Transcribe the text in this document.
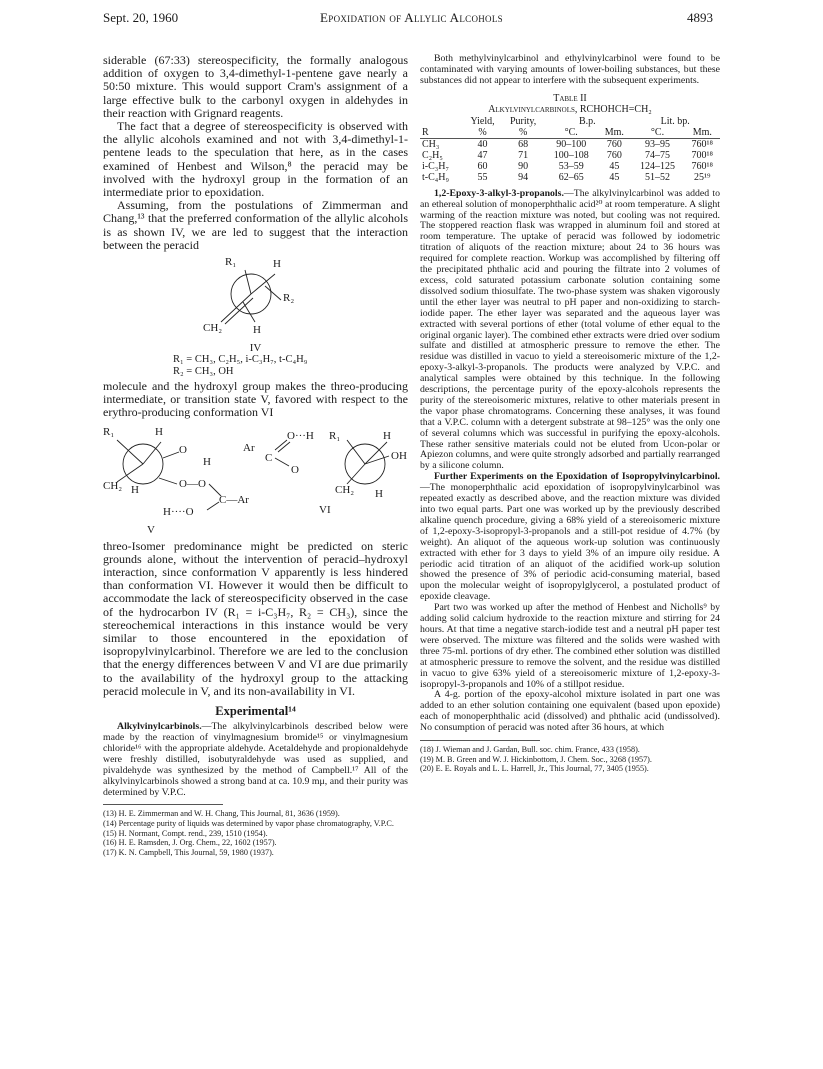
Sept. 20, 1960	Epoxidation of Allylic Alcohols	4893

siderable (67:33) stereospecificity, the formally analogous addition of oxygen to 3,4-dimethyl-1-pentene gave nearly a 50:50 mixture. This would support Cram's assignment of a large effective bulk to the carbonyl oxygen in aldehydes in their reaction with Grignard reagents.

The fact that a degree of stereospecificity is observed with the allylic alcohols examined and not with 3,4-dimethyl-1-pentene leads to the speculation that here, as in the cases examined of Henbest and Wilson,⁸ the peracid may be involved with the hydroxyl group in the formation of an intermediate prior to epoxidation.

Assuming, from the postulations of Zimmerman and Chang,¹³ that the preferred conformation of the allylic alcohols is as shown IV, we are led to suggest that the interaction between the peracid

R₁	H
R₂
CH₂	H
IV
R₁ = CH₃, C₂H₅, i-C₃H₇, t-C₄H₉
R₂ = CH₃, OH

molecule and the hydroxyl group makes the threo-producing intermediate, or transition state V, favored with respect to the erythro-producing conformation VI

R₁	H
O
H
CH₂ H	O—O
C—Ar
H····O
V
Ar
C
O···H R₁	H
OH
O
CH₂ H
VI

threo-Isomer predominance might be predicted on steric grounds alone, without the intervention of peracid–hydroxyl interaction, since conformation V apparently is less hindered than conformation VI. However it would then be difficult to accommodate the lack of stereospecificity observed in the case of the hydrocarbon IV (R₁ = i-C₃H₇, R₂ = CH₃), since the stereochemical interactions in this instance would be very similar to those encountered in the epoxidation of isopropylvinylcarbinol. Therefore we are led to the conclusion that the energy differences between V and VI are due primarily to the availability of the hydroxyl group to the attacking peracid molecule in V, and its non-availability in VI.

Experimental¹⁴

Alkylvinylcarbinols.—The alkylvinylcarbinols described below were made by the reaction of vinylmagnesium bromide¹⁵ or vinylmagnesium chloride¹⁶ with the appropriate aldehyde. Acetaldehyde and propionaldehyde were freshly distilled, isobutyraldehyde was used as supplied, and pivaldehyde was synthesized by the method of Campbell.¹⁷ All of the alkylvinylcarbinols showed a strong band at ca. 10.9 mμ, and their purity was determined by V.P.C.

(13) H. E. Zimmerman and W. H. Chang, This Journal, 81, 3636 (1959).

(14) Percentage purity of liquids was determined by vapor phase chromatography, V.P.C.

(15) H. Normant, Compt. rend., 239, 1510 (1954).

(16) H. E. Ramsden, J. Org. Chem., 22, 1602 (1957).

(17) K. N. Campbell, This Journal, 59, 1980 (1937).

Both methylvinylcarbinol and ethylvinylcarbinol were found to be contaminated with varying amounts of lower-boiling substances, but these substances did not appear to interfere with the subsequent experiments.

Table II
Alkylvinylcarbinols, RCHOHCH=CH₂
	Yield,	Purity,	B.p.		Lit. bp.	
R	%	%	°C.	Mm.	°C.	Mm.
CH₃	40	68	90–100	760	93–95	760¹⁸
C₂H₅	47	71	100–108	760	74–75	700¹⁸
i-C₃H₇	60	90	53–59	45	124–125	760¹⁸
t-C₄H₉	55	94	62–65	45	51–52	25¹⁹

1,2-Epoxy-3-alkyl-3-propanols.—The alkylvinylcarbinol was added to an ethereal solution of monoperphthalic acid²⁰ at room temperature. A slight warming of the reaction mixture was noted, but cooling was not required. The stoppered reaction flask was wrapped in aluminum foil and stored at room temperature. The uptake of peracid was followed by iodometric titration of aliquots of the reaction mixture; about 24 to 36 hours was required for complete reaction. Workup was accomplished by filtering off the precipitated phthalic acid and pouring the filtrate into 2 volumes of excess, cold saturated potassium carbonate solution containing some dissolved sodium thiosulfate. The two-phase system was shaken vigorously until the ether layer was neutral to pH paper and non-oxidizing to starch-iodide paper. The ether layer was separated and the aqueous layer was extracted with several portions of ether (total volume of ether equal to the original organic layer). The combined ether extracts were dried over sodium sulfate and distilled at atmospheric pressure to remove the ether. The residue was distilled in vacuo to yield a stereoisomeric mixture of the 1,2-epoxy-3-alkyl-3-propanols. The products were analyzed by V.P.C. and analytical samples were obtained by this technique. In the following descriptions, the percentage purity of the epoxy-alcohols represents the purity of the stereoisomeric mixtures, relative to other materials present in the vapor phase chromatograms. Concerning these analyses, it was found that a V.P.C. column with a detergent substrate at 98–125° was the only one of several columns which was successful in purifying the epoxy-alcohols. These rather sensitive materials could not be eluted from Ucon-polar or Apiezon columns, and were quite strongly adsorbed and partially rearranged by a silicone column.

Further Experiments on the Epoxidation of Isopropylvinylcarbinol.—The monoperphthalic acid epoxidation of isopropylvinylcarbinol was repeated exactly as described above, and the reaction mixture was divided into two equal parts. Part one was worked up by the previously described alkaline quench procedure, giving a 68% yield of a stereoisomeric mixture of 1,2-epoxy-3-isopropyl-3-propanols and a still-pot residue of 4.7% (by weight). An aliquot of the aqueous work-up solution was continuously extracted with ether for 3 days to yield 3% of an impure oily residue. A periodic acid titration of an aliquot of the acidified work-up solution showed the presence of 3% of periodic acid-consuming material, based upon the molecular weight of isopropylglycerol, a postulated product of epoxide cleavage.

Part two was worked up after the method of Henbest and Nicholls⁹ by adding solid calcium hydroxide to the reaction mixture and stirring for 24 hours. At that time a negative starch-iodide test and a neutral pH paper test were observed. The mixture was filtered and the solids were washed with three 75-ml. portions of dry ether. The combined ether solution was distilled at atmospheric pressure to remove the solvent, and the residue was distilled in vacuo to give 63% yield of a stereoisomeric mixture of 1,2-epoxy-3-isopropyl-3-propanols and 10% of a stillpot residue.

A 4-g. portion of the epoxy-alcohol mixture isolated in part one was added to an ether solution containing one equivalent (based upon epoxide) each of monoperphthalic acid (dissolved) and phthalic acid (undissolved). No consumption of peracid was noted after 36 hours, at which

(18) J. Wieman and J. Gardan, Bull. soc. chim. France, 433 (1958).

(19) M. B. Green and W. J. Hickinbottom, J. Chem. Soc., 3268 (1957).

(20) E. E. Royals and L. L. Harrell, Jr., This Journal, 77, 3405 (1955).
